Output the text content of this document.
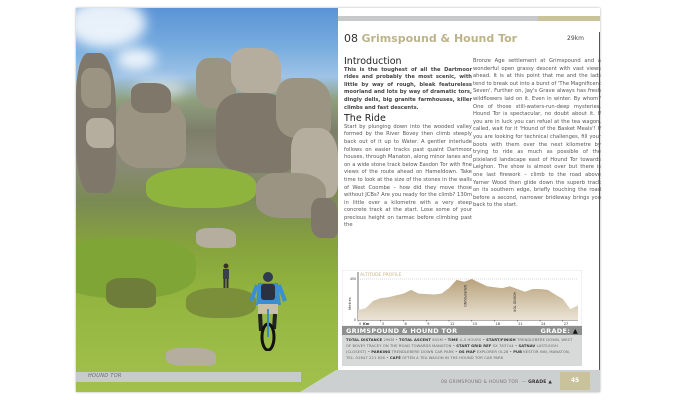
HOUND TOR
08 Grimspound & Hound Tor	29km
Introduction

This is the toughest of all the Dartmoor rides and probably the most scenic, with little by way of rough, bleak featureless moorland and lots by way of dramatic tors, dingly dells, big granite farmhouses, killer climbs and fast descents.

The Ride

Start by plunging down into the wooded valley formed by the River Bovey then climb steeply back out of it up to Water. A gentler interlude follows on easier tracks past quaint Dartmoor houses, through Manaton, along minor lanes and on a wide stone track below Easdon Tor with fine views of the route ahead on Hameldown. Take time to look at the size of the stones in the walls of West Coombe – how did they move those without JCBs? Are you ready for the climb? 130m in little over a kilometre with a very steep concrete track at the start. Lose some of your precious height on tarmac before climbing past the

Bronze Age settlement at Grimspound and a wonderful open grassy descent with vast views ahead. It is at this point that me and the lads tend to break out into a burst of 'The Magnificent Seven'. Further on, Jay's Grave always has fresh wildflowers laid on it. Even in winter. By whom? One of those still-waters-run-deep mysteries. Hound Tor is spectacular, no doubt about it. If you are in luck you can refuel at the tea wagon, called, wait for it 'Hound of the Basket Meals'! If you are looking for technical challenges, fill your boots with them over the next kilometre by trying to ride as much as possible of the pixieland landscape east of Hound Tor towards Leighon. The show is almost over but there is one last firework – climb to the road above Yarner Wood then glide down the superb track on its southern edge, briefly touching the road before a second, narrower bridleway brings you back to the start.

ALTITUDE PROFILE
Metres
0	3	6	9	12	15	18	21	24	27
Km
0
450
GRIMSPOUND	HOUND TOR
GRIMSPOUND & HOUND TOR	GRADE: ▲
TOTAL DISTANCE 29KM • TOTAL ASCENT 850M • TIME 4–5 HOURS • START/FINISH TRENDLEBERE DOWN, WEST OF BOVEY TRACEY ON THE ROAD TOWARDS MANATON • START GRID REF SX 783744 • SATNAV LUSTLEIGH (CLOSEST) • PARKING TRENDLEBERE DOWN CAR PARK • OS MAP EXPLORER OL28 • PUB KESTOR INN, MANATON, TEL: 01647 221 626 • CAFÉ OFTEN A TEA WAGON IN THE HOUND TOR CAR PARK
08 GRIMSPOUND & HOUND TOR  — GRADE ▲	45
